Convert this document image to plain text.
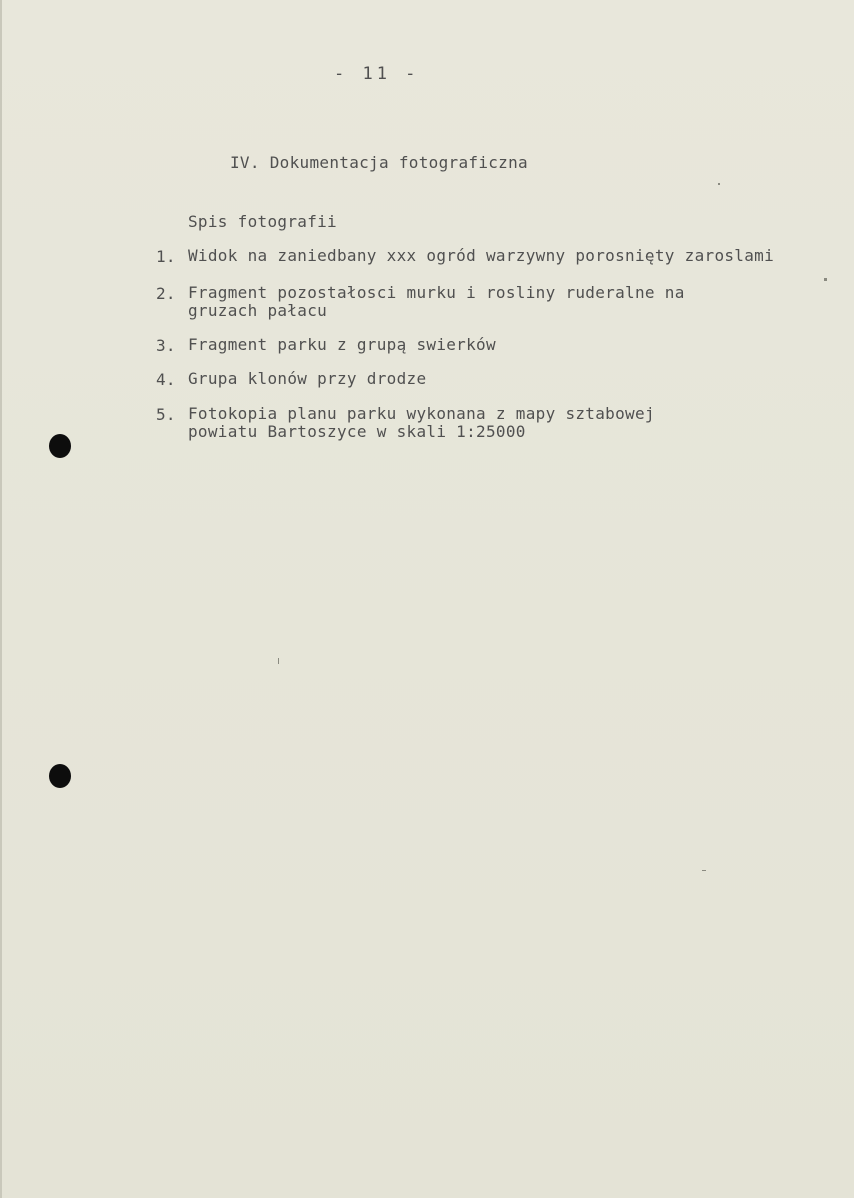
- 11 -
IV. Dokumentacja fotograficzna
Spis fotografii
1. Widok na zaniedbany xxx ogród warzywny porosnięty zaroslami
2. Fragment pozostałosci murku i rosliny ruderalne na
gruzach pałacu
3. Fragment parku z grupą swierków
4. Grupa klonów przy drodze
5. Fotokopia planu parku wykonana z mapy sztabowej
powiatu Bartoszyce w skali 1:25000
